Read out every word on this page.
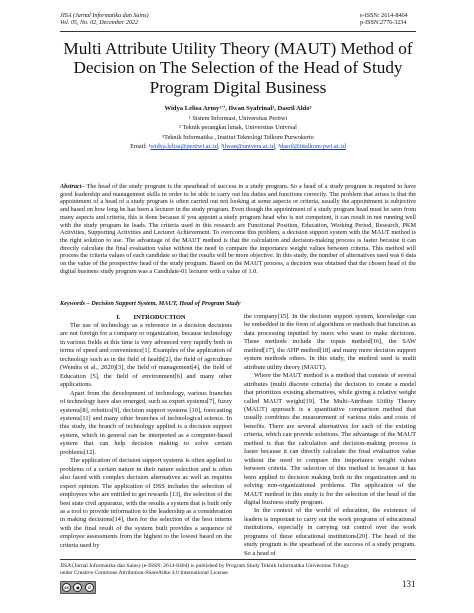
JISA (Jurnal Informatika dan Sains)
Vol. 05, No. 02, December 2022
e-ISSN: 2614-8404
p-ISSN:2776-3234
Multi Attribute Utility Theory (MAUT) Method of Decision on The Selection of the Head of Study Program Digital Business
Widya Lelisa Army¹ʹ⁾, Ilwan Syafrinal², Dasril Aldo³
¹ Sistem Informasi, Universitas Pertiwi
² Teknik perangkat lunak, Universitas Univrsal
³Teknik Informatika , Institut Teknologi Telkom Purwokerto
Email: ¹widya.lelisa@pertiwi.ac.id, ²ilwan@univers.ac.id, ³dasril@ittelkom-pwt.ac.id
Abstract– The head of the study program is the spearhead of success in a study program. So a head of a study program is required to have good leadership and management skills in order to be able to carry out his duties and functions correctly. The problem that arises is that the appointment of a head of a study program is often carried out not looking at some aspects or criteria, usually the appointment is subjective and based on how long he has been a lecturer in the study program. Even though the appointment of a study program head must be seen from many aspects and criteria, this is done because if you appoint a study program head who is not competent, it can result in not running well with the study program he leads. The criteria used in this research are Functional Position, Education, Working Period, Research, PKM Activities, Supporting Activities and Lecturer Achievement. To overcome this problem, a decision support system with the MAUT method is the right solution to use. The advantage of the MAUT method is that the calculation and decision-making process is faster because it can directly calculate the final evaluation value without the need to compare the importance weight values between criteria. This method will process the criteria values of each candidate so that the results will be more objective. In this study, the number of alternatives used was 6 data on the value of the prospective head of the study program. Based on the MAUT process, a decision was obtained that the chosen head of the digital business study program was a Candidate-01 lecturer with a value of 1.0.
Keywords – Decision Support System, MAUT, Head of Program Study

I.  INTRODUCTION

The use of technology as a reference in a decision decisions are not foreign for a company or organization, because technology in various fields at this time is very advanced very rapidly both in terms of speed and convenience[1]. Examples of the application of technology such as in the field of health[2], the field of agriculture (Wendra et al., 2020)[3], the field of management[4], the field of Education [5], the field of environment[6] and many other applications.

Apart from the development of technology, various branches of technology have also emerged, such as expert systems[7], fuzzy systems[8], robotics[9], decision support systems [10], forecasting systems[11] and many other branches of technological science. In this study, the branch of technology applied is a decision support system, which in general can be interpreted as a computer-based system that can help decision making to solve certain problems[12].

The application of decision support systems is often applied to problems of a certain nature in their nature selection and is often also faced with complex decision alternatives as well as requires expert opinion. The application of DSS includes the selection of employees who are entitled to get rewards [13], the selection of the best state civil apparatus, with the results a system that is built only as a tool to provide information to the leadership as a consideration in making decisions[14], then for the selection of the best interns with the final result of the system built provides a sequence of employee assessments from the highest to the lowest based on the criteria used by

the company[15]. In the decision support system, knowledge can be embedded in the form of algorithms or methods that function as data processing inputted by users who want to make decisions. These methods include the topsis method[16], the SAW method[17], the AHP method[18] and many more decision support system methods others. In this study, the method used is multi attribute utility theory (MAUT).

Where the MAUT method is a method that consists of several attributes (multi discrete criteria) the decision to create a model that prioritizes existing alternatives, while giving a relative weight called MAUT weight[19]. The Multi-Attribute Utility Theory (MAUT) approach is a quantitative comparison method that usually combines the measurement of various risks and costs of benefits. There are several alternatives for each of the existing criteria, which can provide solutions. The advantage of the MAUT method is that the calculation and decision-making process is faster because it can directly calculate the final evaluation value without the need to compare the importance weight values between criteria. The selection of this method is because it has been applied to decision making both in the organization and in solving non-organizational problems. The application of the MAUT method in this study is for the selection of the head of the digital business study program.

In the context of the world of education, the existence of leaders is important to carry out the work programs of educational institutions, especially in carrying out control over the work programs of these educational institutions[20]. The head of the study program is the spearhead of the success of a study program. So a head of

JISA (Jurnal Informatika dan Sains) (e-ISSN: 2614-8404) is published by Program Study Teknik Informatika Universitas Trilogy
under Creative Commons Attribution-ShareAlike 4.0 International License.
cc	●	↺	131
